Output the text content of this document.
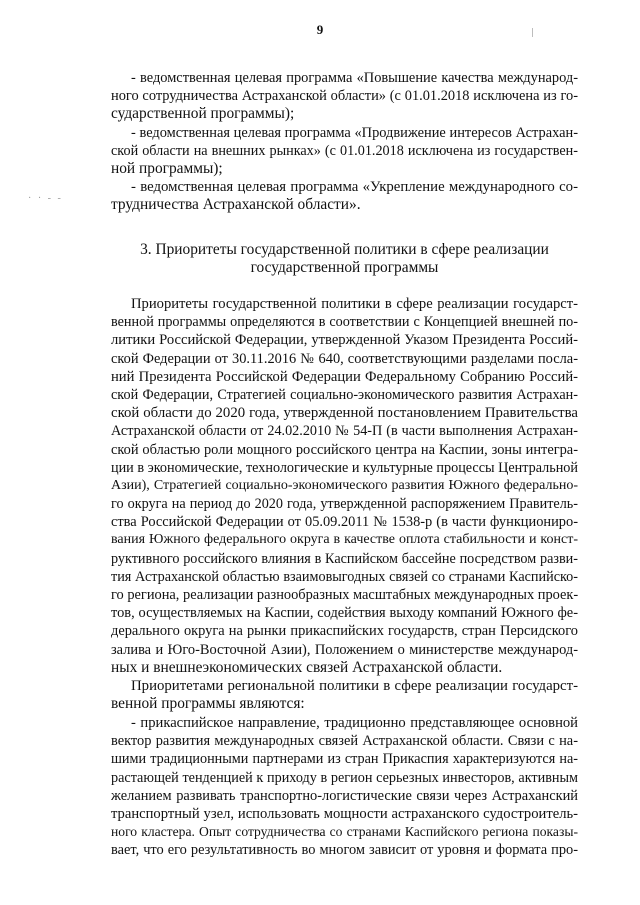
9
- ведомственная целевая программа «Повышение качества международ-
ного сотрудничества Астраханской области» (с 01.01.2018 исключена из го-
сударственной программы);
- ведомственная целевая программа «Продвижение интересов Астрахан-
ской области на внешних рынках» (с 01.01.2018 исключена из государствен-
ной программы);
- ведомственная целевая программа «Укрепление международного со-
трудничества Астраханской области».
· · - -
3. Приоритеты государственной политики в сфере реализации
государственной программы
Приоритеты государственной политики в сфере реализации государст-
венной программы определяются в соответствии с Концепцией внешней по-
литики Российской Федерации, утвержденной Указом Президента Россий-
ской Федерации от 30.11.2016 № 640, соответствующими разделами посла-
ний Президента Российской Федерации Федеральному Собранию Россий-
ской Федерации, Стратегией социально-экономического развития Астрахан-
ской области до 2020 года, утвержденной постановлением Правительства
Астраханской области от 24.02.2010 № 54-П (в части выполнения Астрахан-
ской областью роли мощного российского центра на Каспии, зоны интегра-
ции в экономические, технологические и культурные процессы Центральной
Азии), Стратегией социально-экономического развития Южного федерально-
го округа на период до 2020 года, утвержденной распоряжением Правитель-
ства Российской Федерации от 05.09.2011 № 1538-р (в части функциониро-
вания Южного федерального округа в качестве оплота стабильности и конст-
руктивного российского влияния в Каспийском бассейне посредством разви-
тия Астраханской областью взаимовыгодных связей со странами Каспийско-
го региона, реализации разнообразных масштабных международных проек-
тов, осуществляемых на Каспии, содействия выходу компаний Южного фе-
дерального округа на рынки прикаспийских государств, стран Персидского
залива и Юго-Восточной Азии), Положением о министерстве международ-
ных и внешнеэкономических связей Астраханской области.
Приоритетами региональной политики в сфере реализации государст-
венной программы являются:
- прикаспийское направление, традиционно представляющее основной
вектор развития международных связей Астраханской области. Связи с на-
шими традиционными партнерами из стран Прикаспия характеризуются на-
растающей тенденцией к приходу в регион серьезных инвесторов, активным
желанием развивать транспортно-логистические связи через Астраханский
транспортный узел, использовать мощности астраханского судостроитель-
ного кластера. Опыт сотрудничества со странами Каспийского региона показы-
вает, что его результативность во многом зависит от уровня и формата про-
